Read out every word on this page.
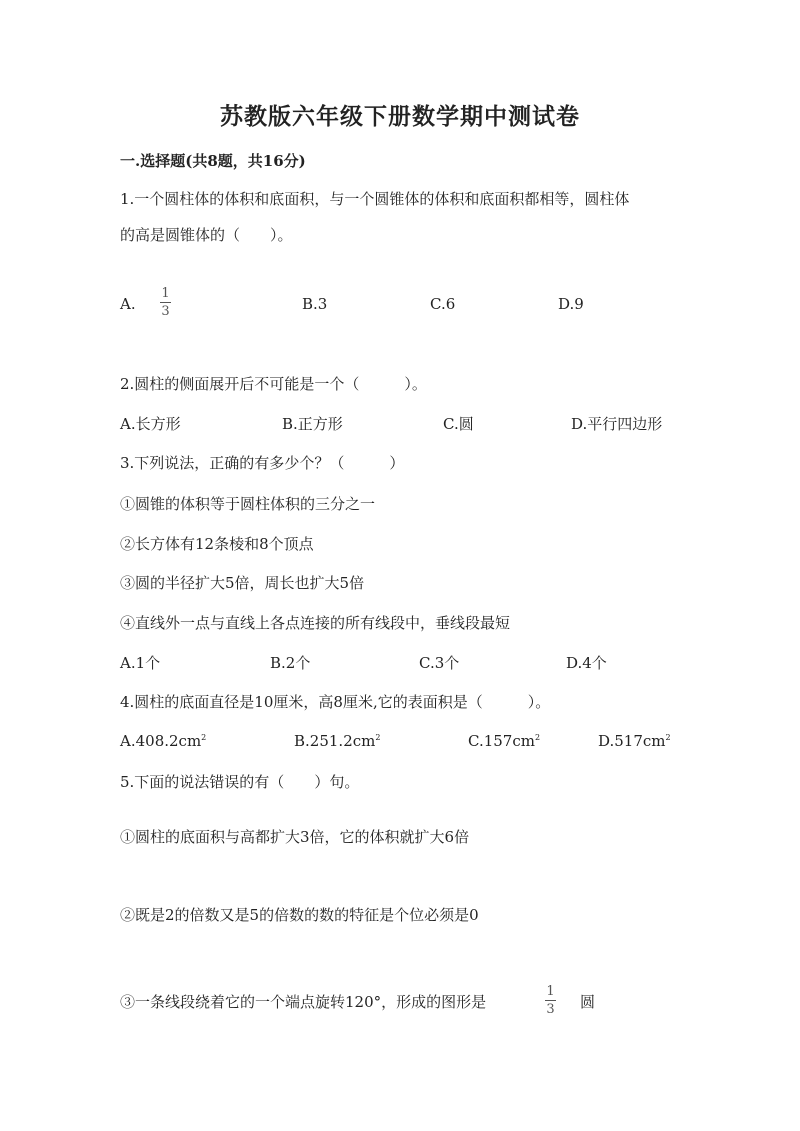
苏教版六年级下册数学期中测试卷
一.选择题(共8题，共16分)
1.一个圆柱体的体积和底面积，与一个圆锥体的体积和底面积都相等，圆柱体
的高是圆锥体的（　　）。
A.
1
3	B.3	C.6	D.9
2.圆柱的侧面展开后不可能是一个（　　　）。
A.长方形	B.正方形	C.圆	D.平行四边形
3.下列说法，正确的有多少个？（　　　）
①圆锥的体积等于圆柱体积的三分之一
②长方体有12条棱和8个顶点
③圆的半径扩大5倍，周长也扩大5倍
④直线外一点与直线上各点连接的所有线段中，垂线段最短
A.1个	B.2个	C.3个	D.4个
4.圆柱的底面直径是10厘米，高8厘米,它的表面积是（　　　）。
$A.408.2cm^2$	$B.251.2cm^2$	$C.157cm^2$	$D.517cm^2$
5.下面的说法错误的有（　　）句。
①圆柱的底面积与高都扩大3倍，它的体积就扩大6倍
②既是2的倍数又是5的倍数的数的特征是个位必须是0
③一条线段绕着它的一个端点旋转120°，形成的图形是
1
3 圆
